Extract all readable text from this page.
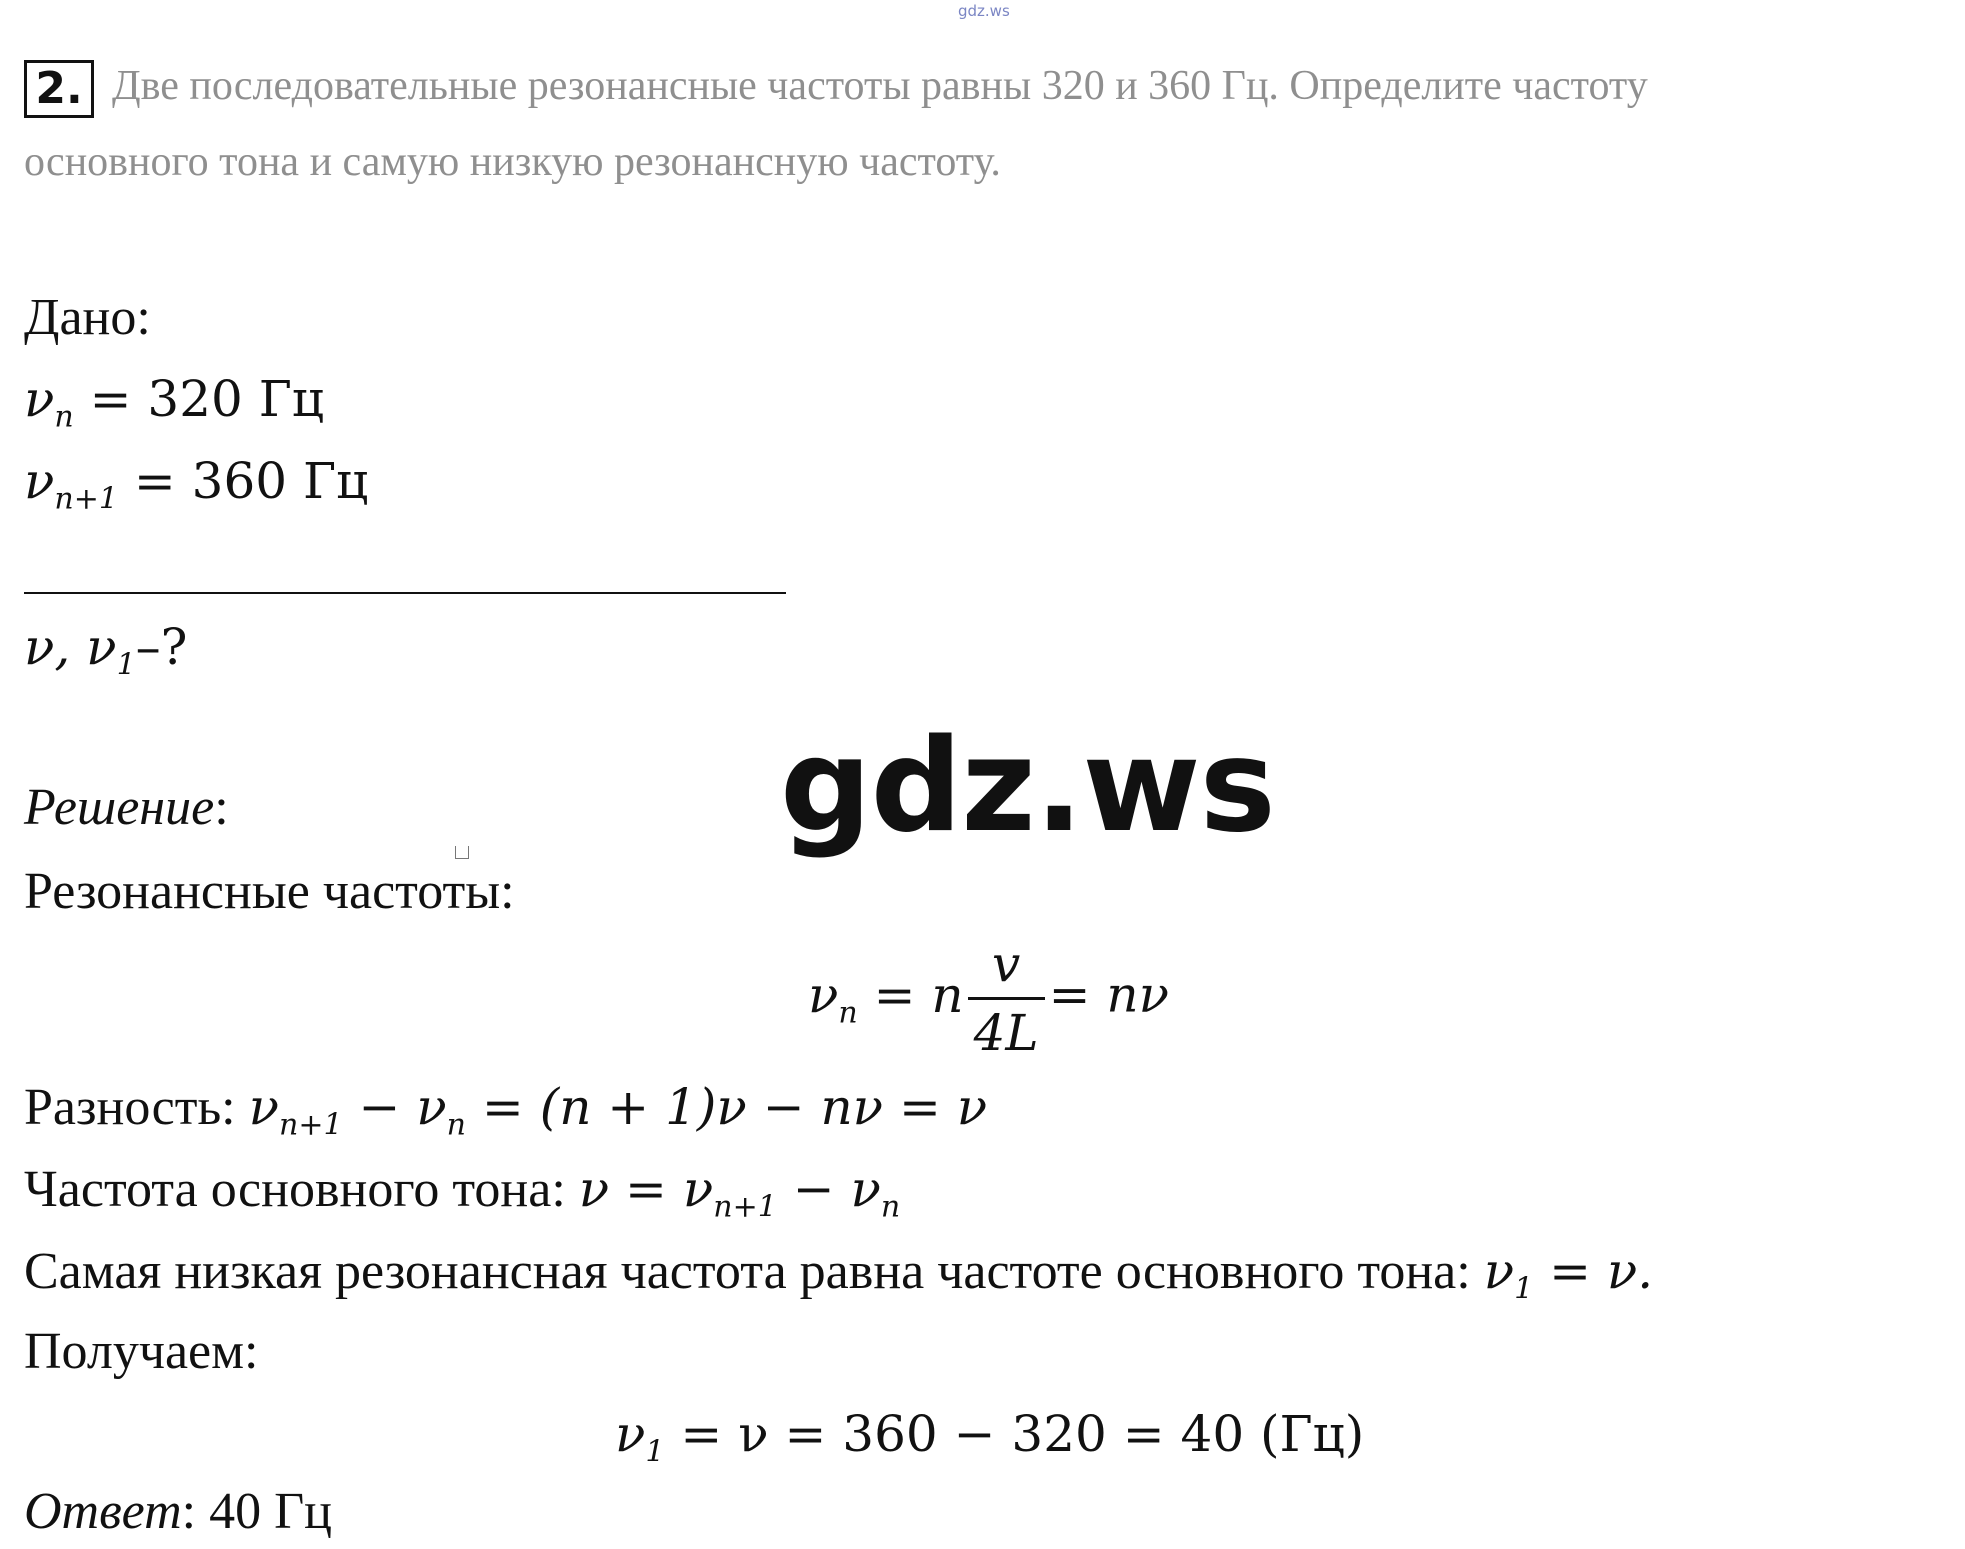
gdz.ws
2. Две последовательные резонансные частоты равны 320 и 360 Гц. Определите частоту
основного тона и самую низкую резонансную частоту.
Дано:
$\nu_n = 320$ Гц
$\nu_{n+1} = 360$ Гц
ν, $\nu_1-$?
gdz.ws
Решение:
Резонансные частоты:
$\nu_n = n \frac{v}{4L} = n\nu$
Разность: $\nu_{n+1} - \nu_n = (n + 1)\nu - n\nu = \nu$
Частота основного тона: $\nu = \nu_{n+1} - \nu_n$
Самая низкая резонансная частота равна частоте основного тона: $\nu_1 = \nu$.
Получаем:
$\nu_1 = \nu = 360 - 320 = 40$ (Гц)
Ответ: 40 Гц
